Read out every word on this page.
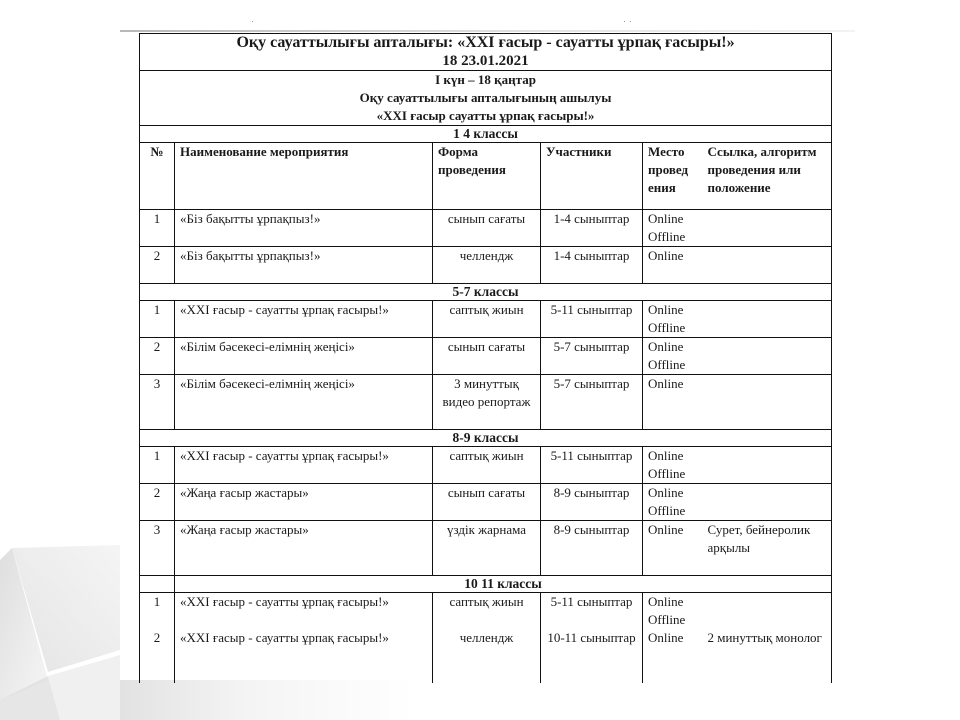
Оқу сауаттылығы апталығы: «XXI ғасыр - сауатты ұрпақ ғасыры!»
18 23.01.2021					

I күн – 18 қаңтар
Оқу сауаттылығы апталығының ашылуы
«XXI ғасыр сауатты ұрпақ ғасыры!»					

1 4 классы					
№	Наименование мероприятия	Форма проведения	Участники	Место провед ения	Ссылка, алгоритм проведения или положение
1	«Біз бақытты ұрпақпыз!»	сынып сағаты	1-4 сыныптар	Online
Offline	

2	«Біз бақытты ұрпақпыз!»	челлендж	1-4 сыныптар	Online	

5-7 классы					
1	«XXI ғасыр - сауатты ұрпақ ғасыры!»	саптық жиын	5-11 сыныптар	Online
Offline	

2	«Білім бәсекесі-елімнің жеңісі»	сынып сағаты	5-7 сыныптар	Online
Offline	

3	«Білім бәсекесі-елімнің жеңісі»	3 минуттық видео репортаж	5-7 сыныптар	Online	

8-9 классы					
1	«XXI ғасыр - сауатты ұрпақ ғасыры!»	саптық жиын	5-11 сыныптар	Online
Offline	

2	«Жаңа ғасыр жастары»	сынып сағаты	8-9 сыныптар	Online
Offline	

3	«Жаңа ғасыр жастары»	үздік жарнама	8-9 сыныптар	Online	Сурет, бейнеролик арқылы
	10 11 классы				
1	«XXI ғасыр - сауатты ұрпақ ғасыры!»	саптық жиын	5-11 сыныптар	Online
Offline	

2	«XXI ғасыр - сауатты ұрпақ ғасыры!»	челлендж	10-11 сыныптар	Online	2 минуттық монолог
